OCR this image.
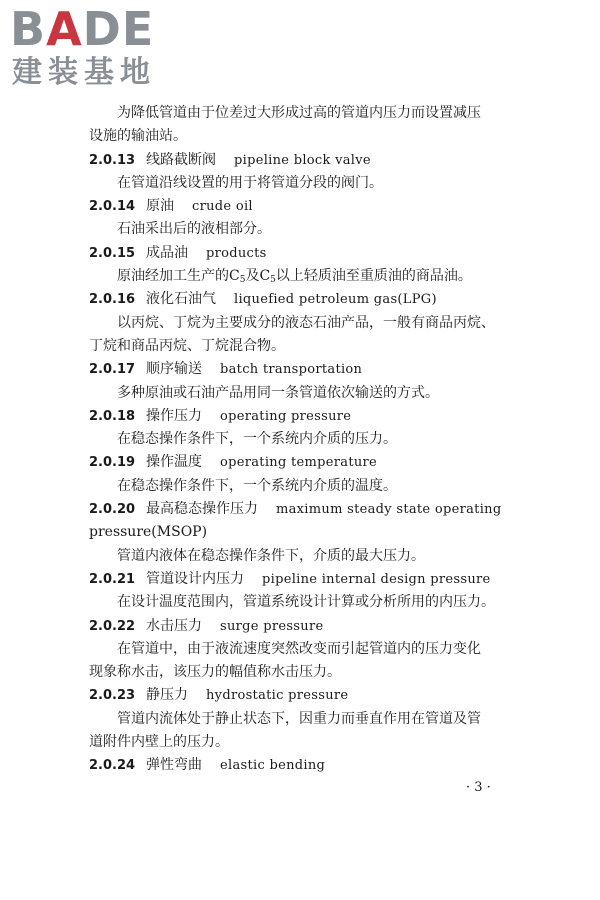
BADE
建装基地
为降低管道由于位差过大形成过高的管道内压力而设置减压
设施的输油站。
2.0.13 线路截断阀 pipeline block valve
在管道沿线设置的用于将管道分段的阀门。
2.0.14 原油 crude oil
石油采出后的液相部分。
2.0.15 成品油 products
原油经加工生产的$C_5$及$C_5$以上轻质油至重质油的商品油。
2.0.16 液化石油气 liquefied petroleum gas(LPG)
以丙烷、丁烷为主要成分的液态石油产品，一般有商品丙烷、
丁烷和商品丙烷、丁烷混合物。
2.0.17 顺序输送 batch transportation
多种原油或石油产品用同一条管道依次输送的方式。
2.0.18 操作压力 operating pressure
在稳态操作条件下，一个系统内介质的压力。
2.0.19 操作温度 operating temperature
在稳态操作条件下，一个系统内介质的温度。
2.0.20 最高稳态操作压力 maximum steady state operating
pressure(MSOP)
管道内液体在稳态操作条件下，介质的最大压力。
2.0.21 管道设计内压力 pipeline internal design pressure
在设计温度范围内，管道系统设计计算或分析所用的内压力。
2.0.22 水击压力 surge pressure
在管道中，由于液流速度突然改变而引起管道内的压力变化
现象称水击，该压力的幅值称水击压力。
2.0.23 静压力 hydrostatic pressure
管道内流体处于静止状态下，因重力而垂直作用在管道及管
道附件内壁上的压力。
2.0.24 弹性弯曲 elastic bending
· 3 ·
